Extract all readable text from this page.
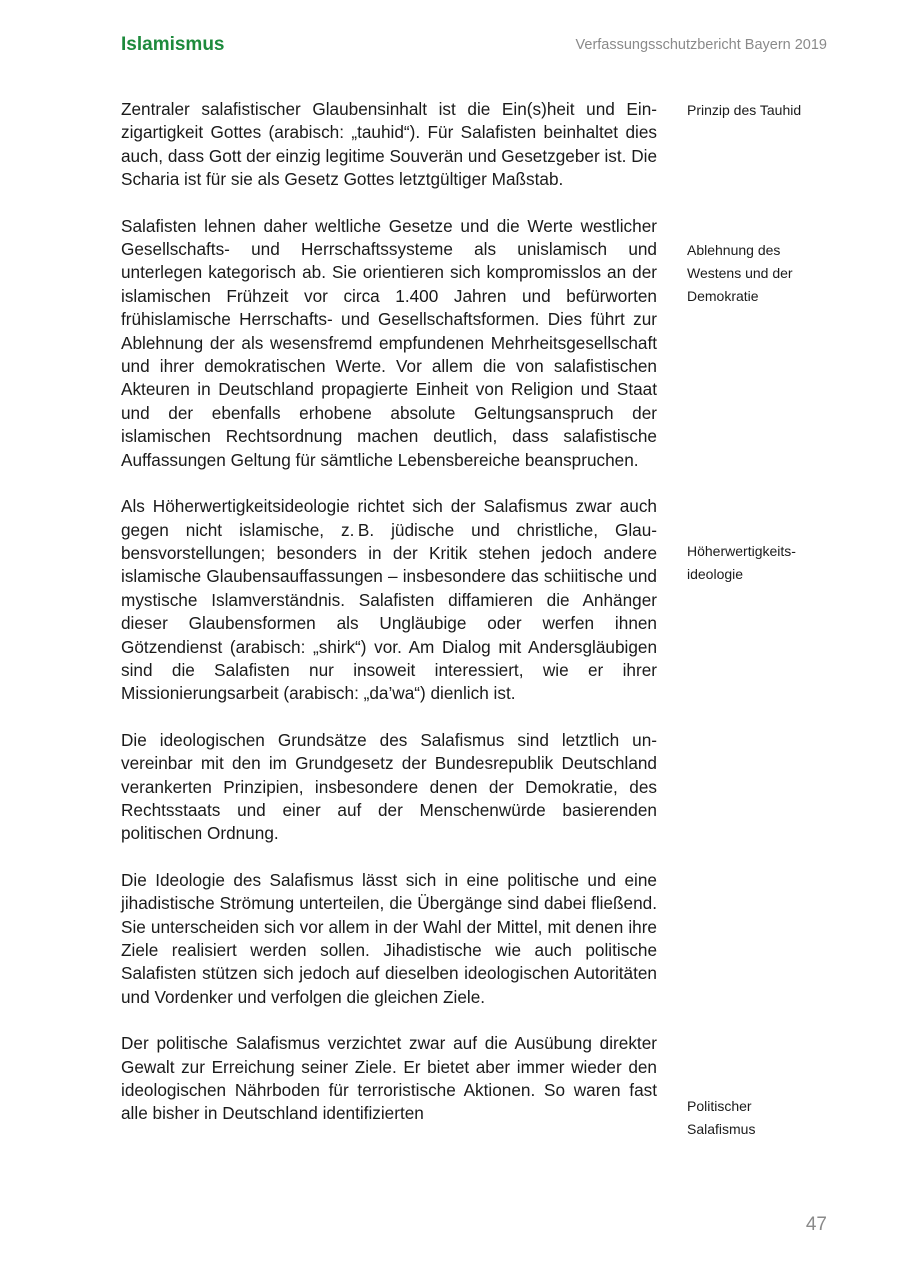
Islamismus	Verfassungsschutzbericht Bayern 2019

Zentraler salafistischer Glaubensinhalt ist die Ein(s)heit und Einzigartigkeit Gottes (arabisch: „tauhid“). Für Salafisten beinhaltet dies auch, dass Gott der einzig legitime Souverän und Gesetzgeber ist. Die Scharia ist für sie als Gesetz Gottes letztgültiger Maßstab.

Salafisten lehnen daher weltliche Gesetze und die Werte westlicher Gesellschafts- und Herrschaftssysteme als unislamisch und unterlegen kategorisch ab. Sie orientieren sich kompromisslos an der islamischen Frühzeit vor circa 1.400 Jahren und befürworten frühislamische Herrschafts- und Gesellschaftsformen. Dies führt zur Ablehnung der als wesensfremd empfundenen Mehrheitsgesellschaft und ihrer demokratischen Werte. Vor allem die von salafistischen Akteuren in Deutschland propagierte Einheit von Religion und Staat und der ebenfalls erhobene absolute Geltungsanspruch der islamischen Rechtsordnung machen deutlich, dass salafistische Auffassungen Geltung für sämtliche Lebensbereiche beanspruchen.

Als Höherwertigkeitsideologie richtet sich der Salafismus zwar auch gegen nicht islamische, z. B. jüdische und christliche, Glaubensvorstellungen; besonders in der Kritik stehen jedoch andere islamische Glaubensauffassungen – insbesondere das schiitische und mystische Islamverständnis. Salafisten diffamieren die Anhänger dieser Glaubensformen als Ungläubige oder werfen ihnen Götzendienst (arabisch: „shirk“) vor. Am Dialog mit Andersgläubigen sind die Salafisten nur insoweit interessiert, wie er ihrer Missionierungsarbeit (arabisch: „da’wa“) dienlich ist.

Die ideologischen Grundsätze des Salafismus sind letztlich unvereinbar mit den im Grundgesetz der Bundesrepublik Deutschland verankerten Prinzipien, insbesondere denen der Demokratie, des Rechtsstaats und einer auf der Menschenwürde basierenden politischen Ordnung.

Die Ideologie des Salafismus lässt sich in eine politische und eine jihadistische Strömung unterteilen, die Übergänge sind dabei fließend. Sie unterscheiden sich vor allem in der Wahl der Mittel, mit denen ihre Ziele realisiert werden sollen. Jihadistische wie auch politische Salafisten stützen sich jedoch auf dieselben ideologischen Autoritäten und Vordenker und verfolgen die gleichen Ziele.

Der politische Salafismus verzichtet zwar auf die Ausübung direkter Gewalt zur Erreichung seiner Ziele. Er bietet aber immer wieder den ideologischen Nährboden für terroristische Aktionen. So waren fast alle bisher in Deutschland identifizierten

Prinzip des Tauhid
Ablehnung des Westens und der Demokratie
Höherwertigkeitsideologie
Politischer Salafismus
47
